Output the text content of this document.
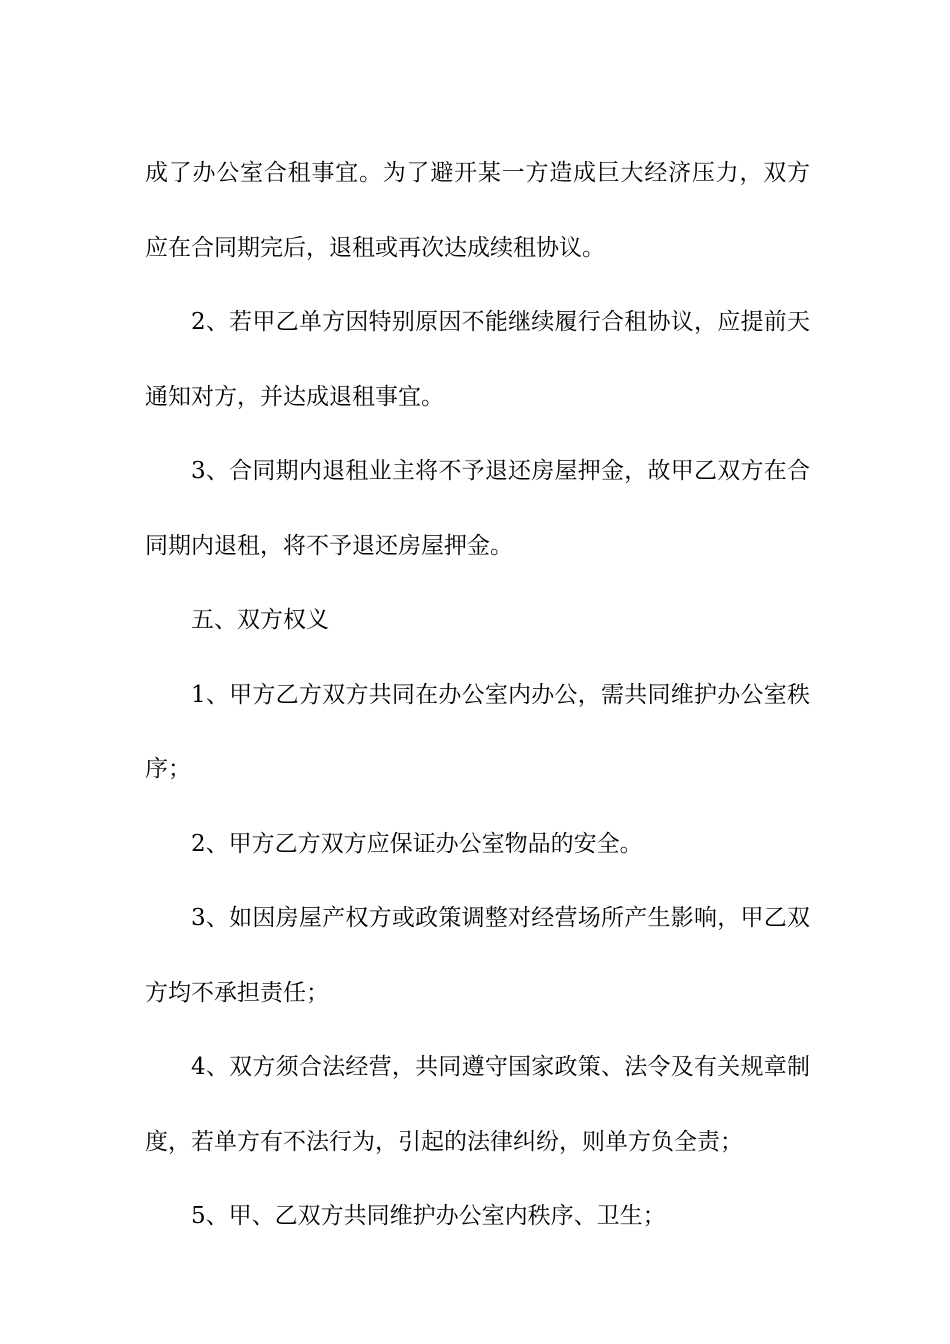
成了办公室合租事宜。为了避开某一方造成巨大经济压力，双方应在合同期完后，退租或再次达成续租协议。

2、若甲乙单方因特别原因不能继续履行合租协议，应提前天通知对方，并达成退租事宜。

3、合同期内退租业主将不予退还房屋押金，故甲乙双方在合同期内退租，将不予退还房屋押金。

五、双方权义

1、甲方乙方双方共同在办公室内办公，需共同维护办公室秩序；

2、甲方乙方双方应保证办公室物品的安全。

3、如因房屋产权方或政策调整对经营场所产生影响，甲乙双方均不承担责任；

4、双方须合法经营，共同遵守国家政策、法令及有关规章制度，若单方有不法行为，引起的法律纠纷，则单方负全责；

5、甲、乙双方共同维护办公室内秩序、卫生；
